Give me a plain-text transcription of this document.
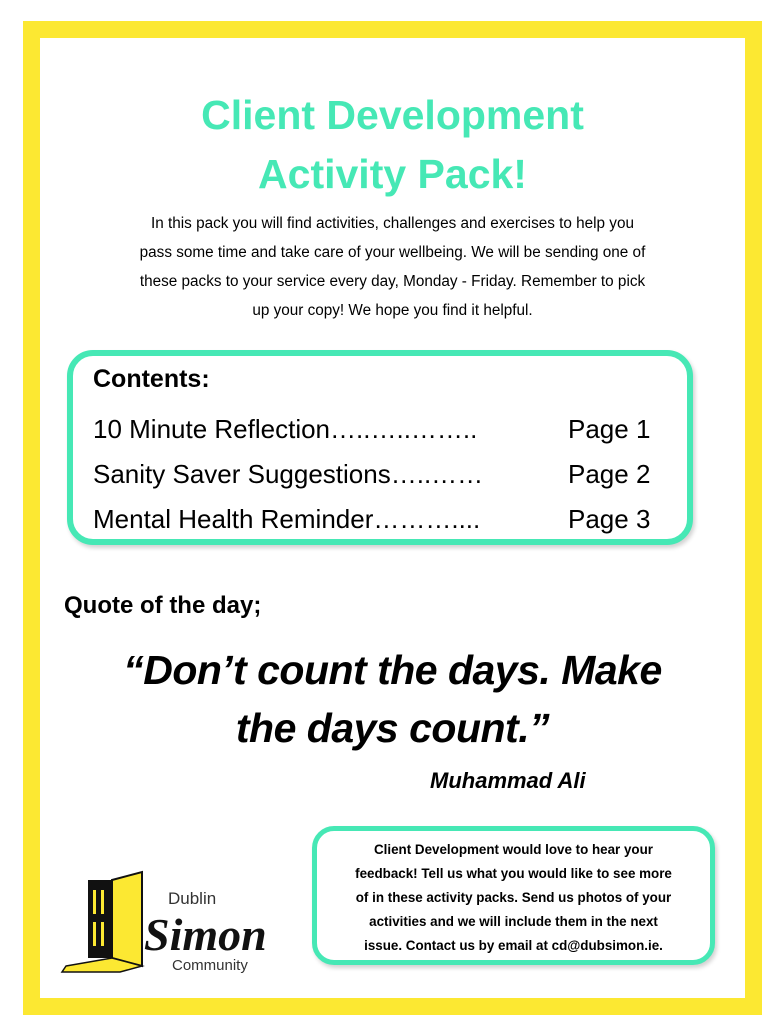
Client Development
Activity Pack!
In this pack you will find activities, challenges and exercises to help you
pass some time and take care of your wellbeing. We will be sending one of
these packs to your service every day, Monday - Friday. Remember to pick
up your copy! We hope you find it helpful.
Contents:
10 Minute Reflection…..…..……..	Page 1
Sanity Saver Suggestions…..……	Page 2
Mental Health Reminder………....	Page 3
Quote of the day;
“Don’t count the days. Make
the days count.”
Muhammad Ali
Dublin
Simon
Community
Client Development would love to hear your
feedback! Tell us what you would like to see more
of in these activity packs. Send us photos of your
activities and we will include them in the next
issue. Contact us by email at cd@dubsimon.ie.
